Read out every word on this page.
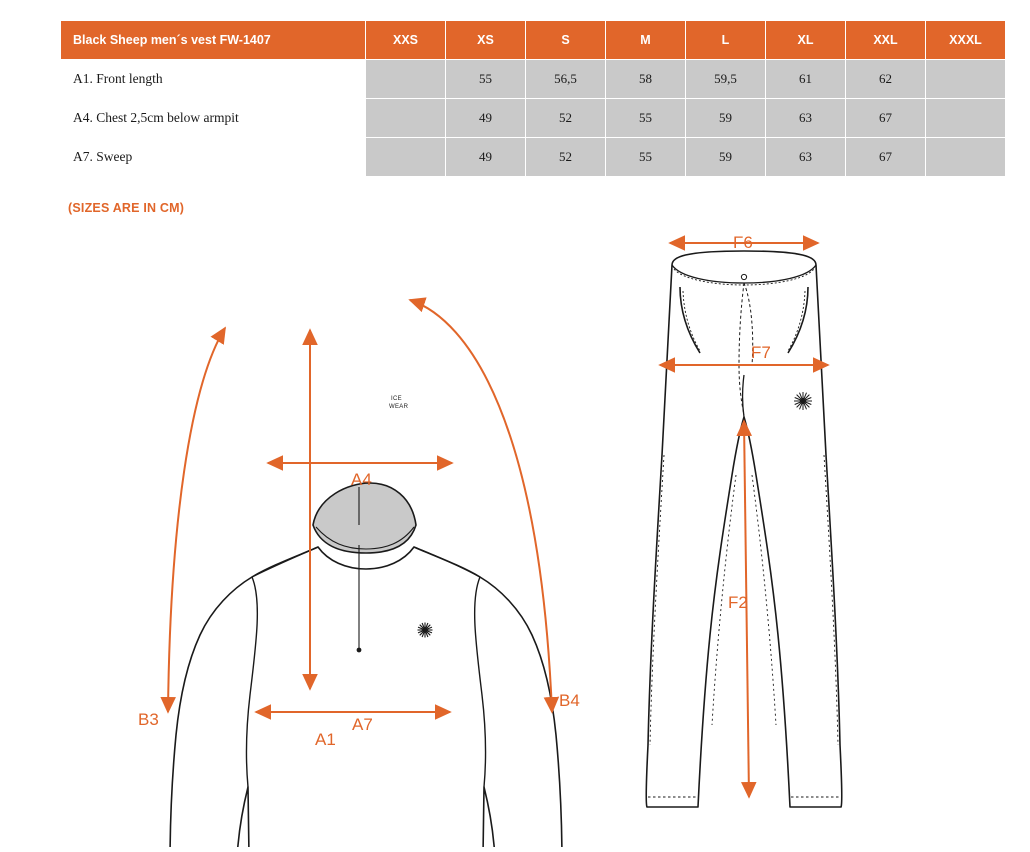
Black Sheep men´s vest FW-1407	XXS	XS	S	M	L	XL	XXL	XXXL
A1. Front length		55	56,5	58	59,5	61	62	
A4. Chest 2,5cm below armpit		49	52	55	59	63	67	
A7. Sweep		49	52	55	59	63	67	
(SIZES ARE IN CM)
B3
B4
A1
A4
A7
F6
F7
F2
ICE
WEAR
